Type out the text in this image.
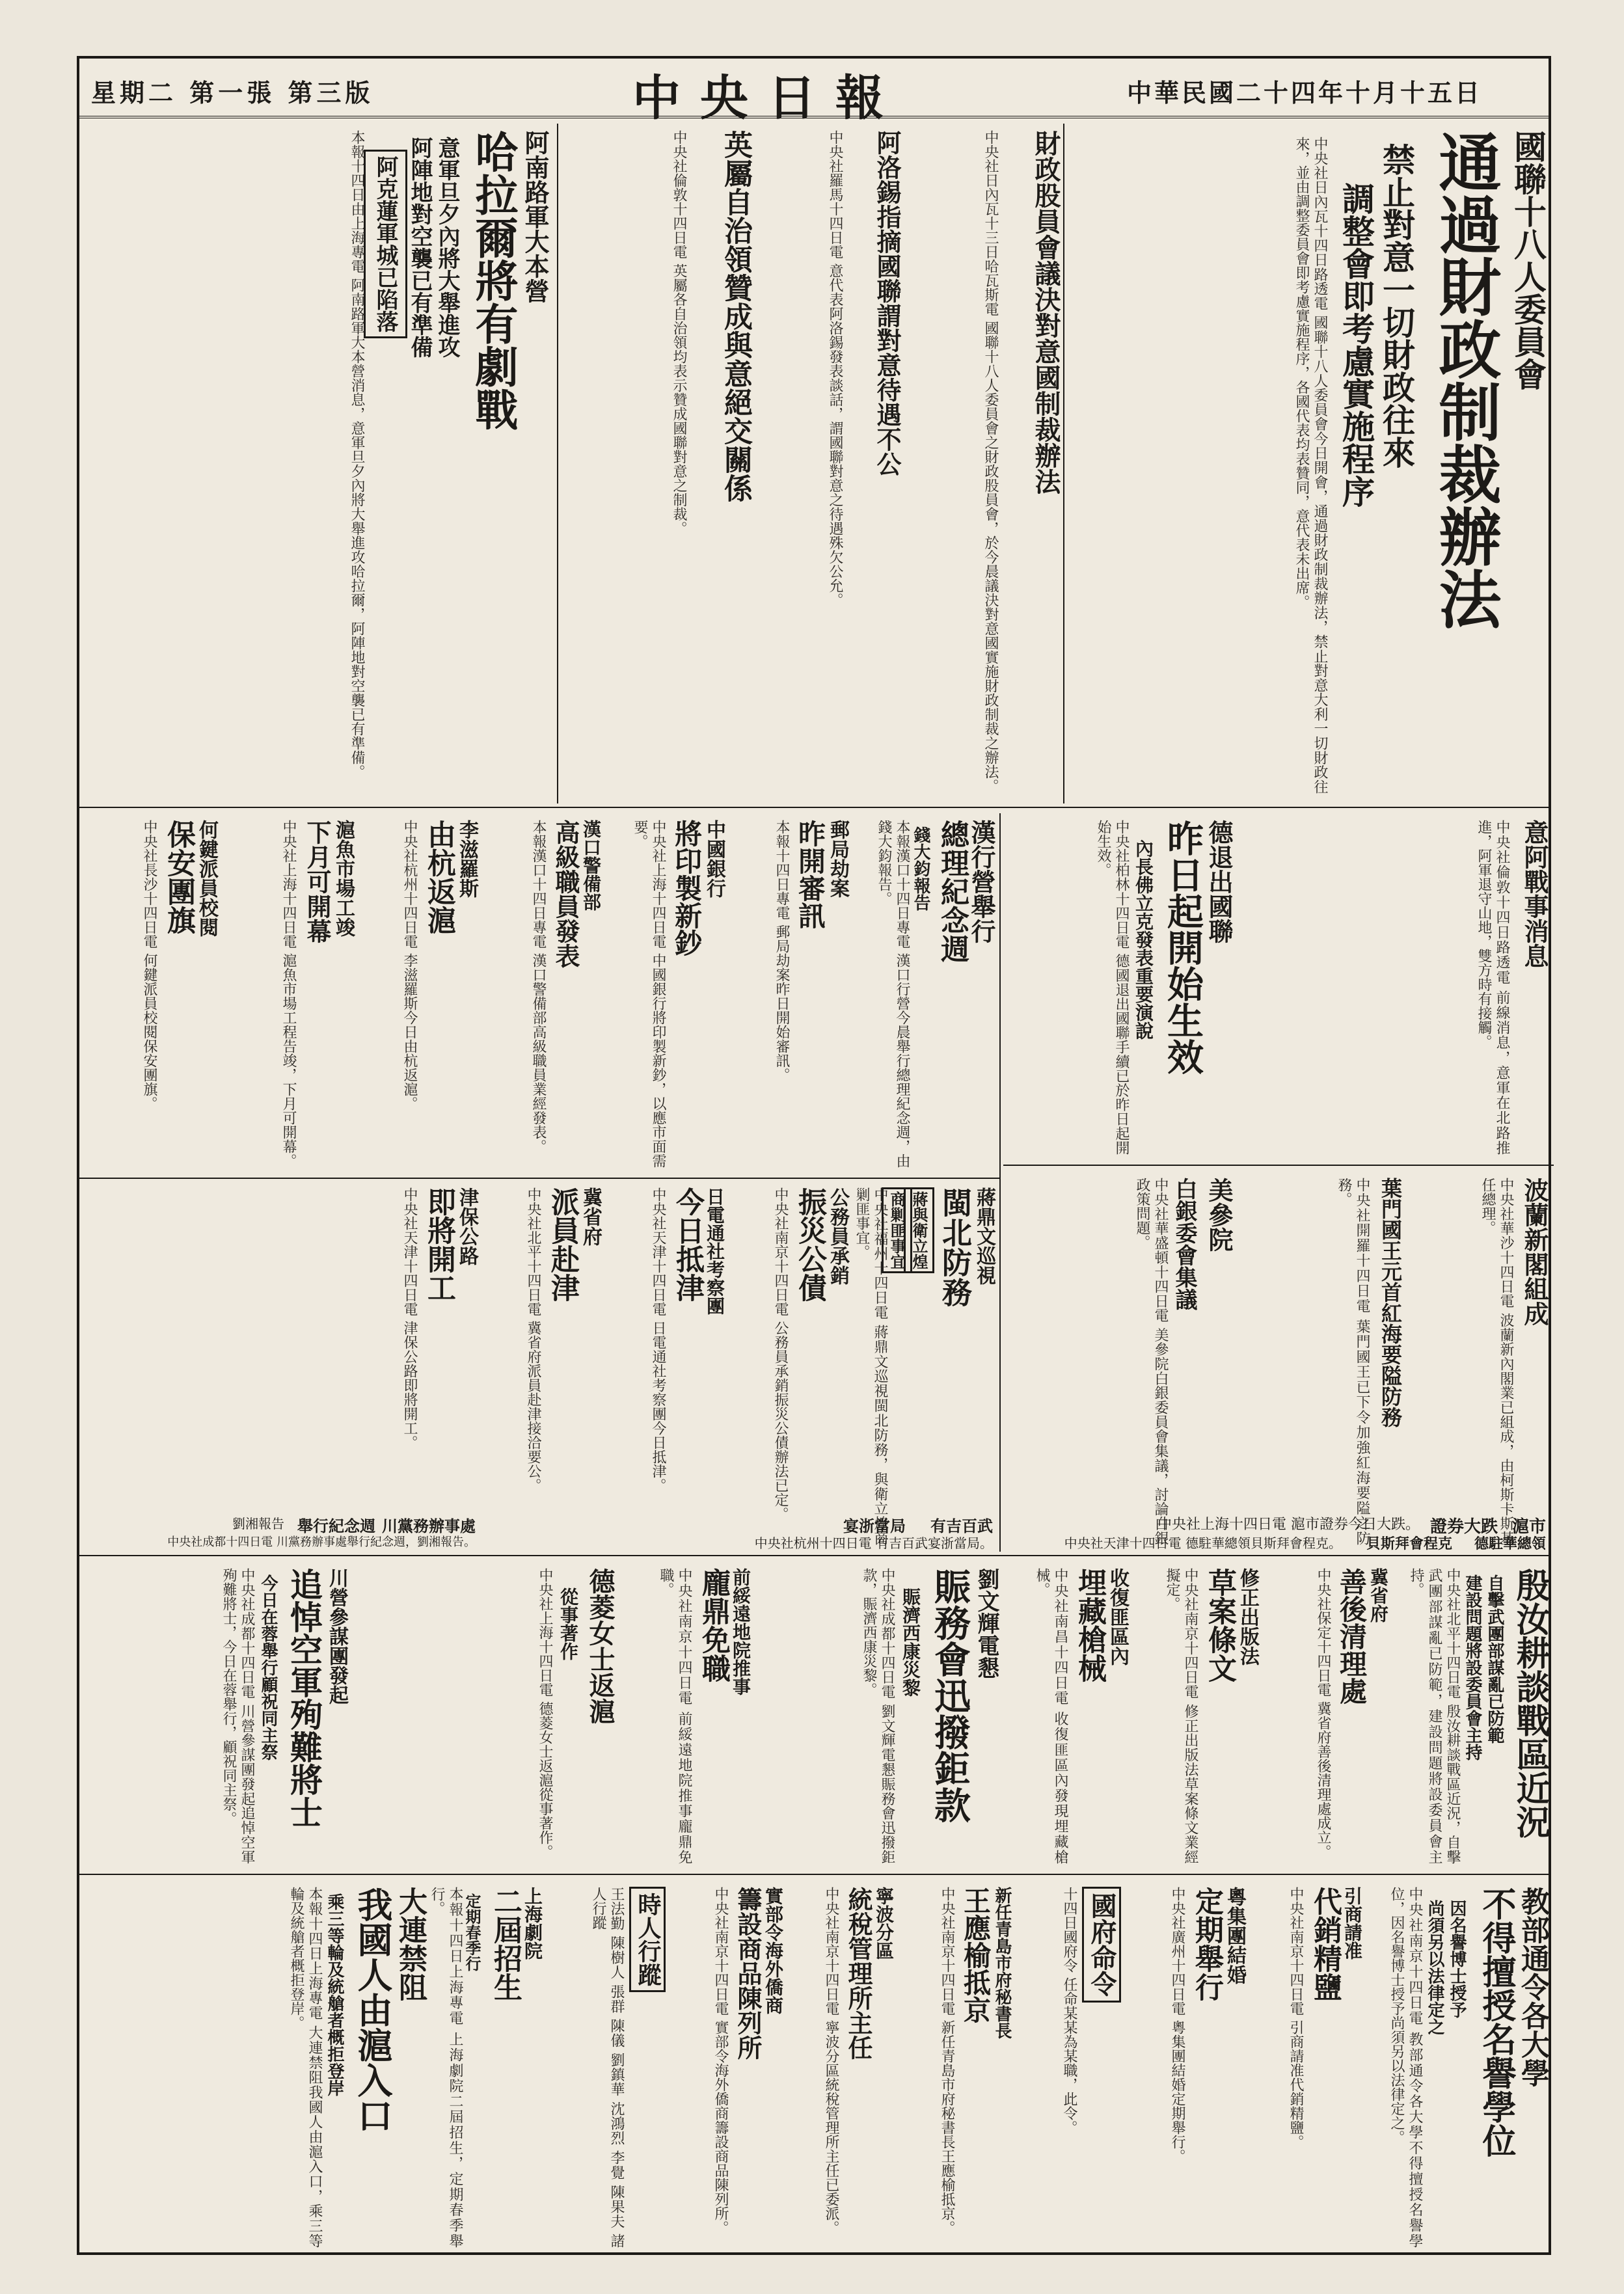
中華民國二十四年十月十五日
中央日報
星期二 第一張 第三版
國聯十八人委員會
通過財政制裁辦法
禁止對意一切財政往來
調整會即考慮實施程序
中央社日內瓦十四日路透電 國聯十八人委員會今日開會，通過財政制裁辦法，禁止對意大利一切財政往來，並由調整委員會即考慮實施程序，各國代表均表贊同，意代表未出席。
財政股員會議決對意國制裁辦法
中央社日內瓦十三日哈瓦斯電 國聯十八人委員會之財政股員會，於今晨議決對意國實施財政制裁之辦法。
阿洛錫指摘國聯謂對意待遇不公
中央社羅馬十四日電 意代表阿洛錫發表談話，謂國聯對意之待遇殊欠公允。
英屬自治領贊成與意絕交關係
中央社倫敦十四日電 英屬各自治領均表示贊成國聯對意之制裁。
阿南路軍大本營
哈拉爾將有劇戰
意軍旦夕內將大舉進攻
阿陣地對空襲已有準備
阿克蓮軍城已陷落
本報十四日由上海專電 阿南路軍大本營消息，意軍旦夕內將大舉進攻哈拉爾，阿陣地對空襲已有準備。
意阿戰事消息
中央社倫敦十四日路透電 前線消息，意軍在北路推進，阿軍退守山地，雙方時有接觸。
德退出國聯
昨日起開始生效
內長佛立克發表重要演說
中央社柏林十四日電 德國退出國聯手續已於昨日起開始生效。
波蘭新閣組成
中央社華沙十四日電 波蘭新內閣業已組成，由柯斯卡斯基任總理。
葉門國王元首紅海要隘防務
中央社開羅十四日電 葉門國王已下令加強紅海要隘之防務。
美參院
白銀委會集議
中央社華盛頓十四日電 美參院白銀委員會集議，討論白銀政策問題。
漢行營舉行
總理紀念週
錢大鈞報告
本報漢口十四日專電 漢口行營今晨舉行總理紀念週，由錢大鈞報告。
郵局劫案
昨開審訊
本報十四日專電 郵局劫案昨日開始審訊。
中國銀行
將印製新鈔
中央社上海十四日電 中國銀行將印製新鈔，以應市面需要。
漢口警備部
高級職員發表
本報漢口十四日專電 漢口警備部高級職員業經發表。
李滋羅斯
由杭返滬
中央社杭州十四日電 李滋羅斯今日由杭返滬。
滬魚市場工竣
下月可開幕
中央社上海十四日電 滬魚市場工程告竣，下月可開幕。
何鍵派員校閱
保安團旗
中央社長沙十四日電 何鍵派員校閱保安團旗。
蔣鼎文巡視
閩北防務
蔣與衛立煌
商剿匪事宜
中央社福州十四日電 蔣鼎文巡視閩北防務，與衛立煌商剿匪事宜。
公務員承銷
振災公債
中央社南京十四日電 公務員承銷振災公債辦法已定。
日電通社考察團
今日抵津
中央社天津十四日電 日電通社考察團今日抵津。
冀省府
派員赴津
中央社北平十四日電 冀省府派員赴津接洽要公。
津保公路
即將開工
中央社天津十四日電 津保公路即將開工。
殷汝耕談戰區近況
自擊武團部謀亂已防範
建設問題將設委員會主持
中央社北平十四日電 殷汝耕談戰區近況，自擊武團部謀亂已防範，建設問題將設委員會主持。
冀省府
善後清理處
中央社保定十四日電 冀省府善後清理處成立。
修正出版法
草案條文
中央社南京十四日電 修正出版法草案條文業經擬定。
收復匪區內
埋藏槍械
中央社南昌十四日電 收復匪區內發現埋藏槍械。
劉文輝電懇
賑務會迅撥鉅款
賑濟西康災黎
中央社成都十四日電 劉文輝電懇賑務會迅撥鉅款，賑濟西康災黎。
前綏遠地院推事
龐鼎免職
中央社南京十四日電 前綏遠地院推事龐鼎免職。
德菱女士返滬
從事著作
中央社上海十四日電 德菱女士返滬從事著作。
川營參謀團發起
追悼空軍殉難將士
今日在蓉舉行顧祝同主祭
中央社成都十四日電 川營參謀團發起追悼空軍殉難將士，今日在蓉舉行，顧祝同主祭。
教部通令各大學
不得擅授名譽學位
因名譽博士授予
尚須另以法律定之
中央社南京十四日電 教部通令各大學不得擅授名譽學位，因名譽博士授予尚須另以法律定之。
引商請准
代銷精鹽
中央社南京十四日電 引商請准代銷精鹽。
粵集團結婚
定期舉行
中央社廣州十四日電 粵集團結婚定期舉行。
國府命令
十四日國府令 任命某某為某職，此令。
新任青島市府秘書長
王應榆抵京
中央社南京十四日電 新任青島市府秘書長王應榆抵京。
寧波分區
統稅管理所主任
中央社南京十四日電 寧波分區統稅管理所主任已委派。
實部令海外僑商
籌設商品陳列所
中央社南京十四日電 實部令海外僑商籌設商品陳列所。
時人行蹤
王法勤 陳樹人 張群 陳儀 劉鎮華 沈鴻烈 李覺 陳果夫 諸人行蹤
上海劇院
二屆招生
定期春季行
本報十四日上海專電 上海劇院二屆招生，定期春季舉行。
大連禁阻
我國人由滬入口
乘三等輪及統艙者概拒登岸
本報十四日上海專電 大連禁阻我國人由滬入口，乘三等輪及統艙者概拒登岸。
滬市
證券大跌
中央社上海十四日電 滬市證券今日大跌。
德駐華總領
貝斯拜會程克
中央社天津十四日電 德駐華總領貝斯拜會程克。
川黨務辦事處
舉行紀念週
劉湘報告
中央社成都十四日電 川黨務辦事處舉行紀念週，劉湘報告。
有吉百武
宴浙當局
中央社杭州十四日電 有吉百武宴浙當局。
